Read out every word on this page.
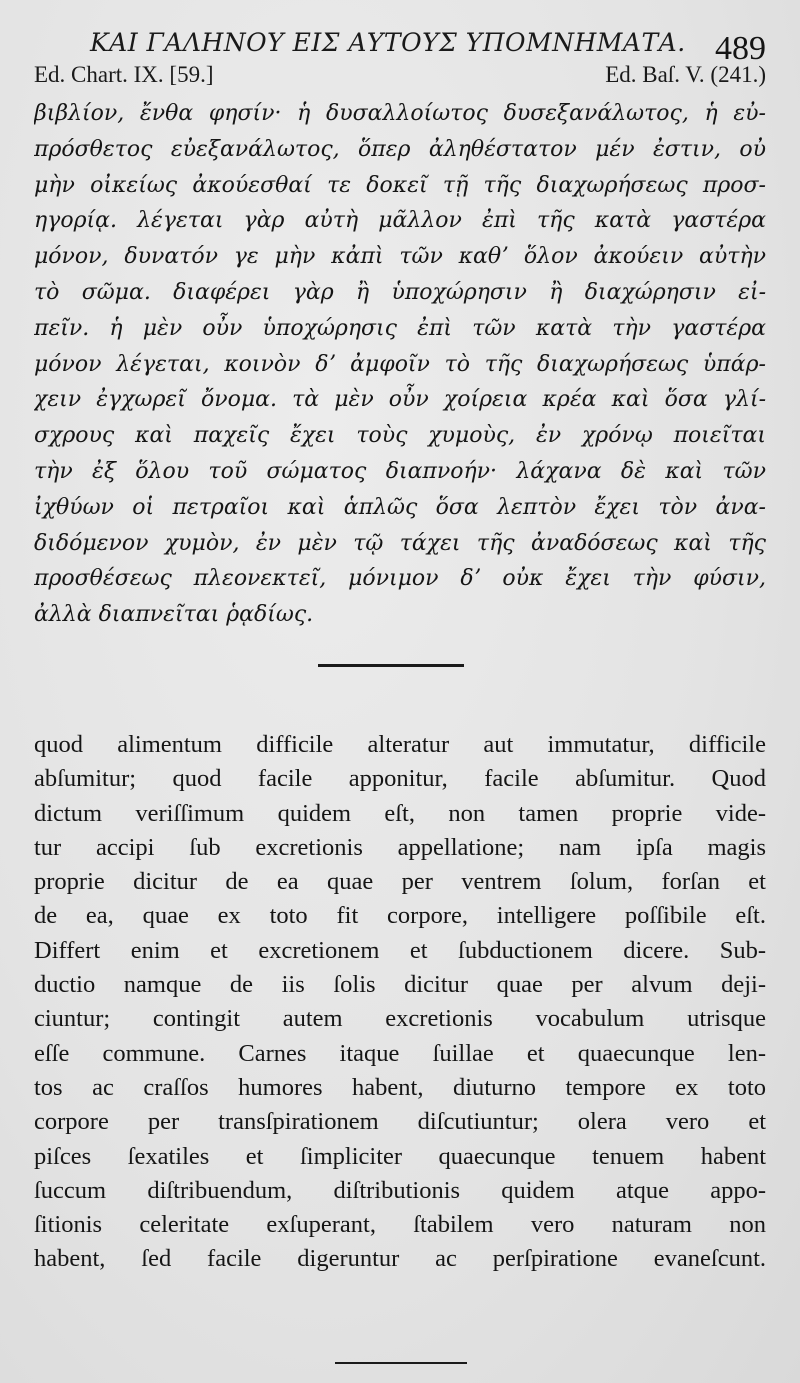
ΚΑΙ ΓΑΛΗΝΟΥ ΕΙΣ ΑΥΤΟΥΣ ΥΠΟΜΝΗΜΑΤΑ. 489
Ed. Chart. IX. [59.]	Ed. Baſ. V. (241.)
βιβλίον, ἔνθα φησίν· ἡ δυσαλλοίωτος δυσεξανάλωτος, ἡ εὐ-
πρόσθετος εὐεξανάλωτος, ὅπερ ἀληθέστατον μέν ἐστιν, οὐ
μὴν οἰκείως ἀκούεσθαί τε δοκεῖ τῇ τῆς διαχωρήσεως προσ-
ηγορίᾳ. λέγεται γὰρ αὐτὴ μᾶλλον ἐπὶ τῆς κατὰ γαστέρα
μόνον, δυνατόν γε μὴν κἀπὶ τῶν καθʼ ὅλον ἀκούειν αὐτὴν
τὸ σῶμα. διαφέρει γὰρ ἢ ὑποχώρησιν ἢ διαχώρησιν εἰ-
πεῖν. ἡ μὲν οὖν ὑποχώρησις ἐπὶ τῶν κατὰ τὴν γαστέρα
μόνον λέγεται, κοινὸν δʼ ἀμφοῖν τὸ τῆς διαχωρήσεως ὑπάρ-
χειν ἐγχωρεῖ ὄνομα. τὰ μὲν οὖν χοίρεια κρέα καὶ ὅσα γλί-
σχρους καὶ παχεῖς ἔχει τοὺς χυμοὺς, ἐν χρόνῳ ποιεῖται
τὴν ἐξ ὅλου τοῦ σώματος διαπνοήν· λάχανα δὲ καὶ τῶν
ἰχθύων οἱ πετραῖοι καὶ ἁπλῶς ὅσα λεπτὸν ἔχει τὸν ἀνα-
διδόμενον χυμὸν, ἐν μὲν τῷ τάχει τῆς ἀναδόσεως καὶ τῆς
προσθέσεως πλεονεκτεῖ, μόνιμον δʼ οὐκ ἔχει τὴν φύσιν,
ἀλλὰ διαπνεῖται ῥᾳδίως.
quod alimentum difficile alteratur aut immutatur, difficile
abſumitur; quod facile apponitur, facile abſumitur. Quod
dictum veriſſimum quidem eſt, non tamen proprie vide-
tur accipi ſub excretionis appellatione; nam ipſa magis
proprie dicitur de ea quae per ventrem ſolum, forſan et
de ea, quae ex toto fit corpore, intelligere poſſibile eſt.
Differt enim et excretionem et ſubductionem dicere. Sub-
ductio namque de iis ſolis dicitur quae per alvum deji-
ciuntur; contingit autem excretionis vocabulum utrisque
eſſe commune. Carnes itaque ſuillae et quaecunque len-
tos ac craſſos humores habent, diuturno tempore ex toto
corpore per transſpirationem diſcutiuntur; olera vero et
piſces ſexatiles et ſimpliciter quaecunque tenuem habent
ſuccum diſtribuendum, diſtributionis quidem atque appo-
ſitionis celeritate exſuperant, ſtabilem vero naturam non
habent, ſed facile digeruntur ac perſpiratione evaneſcunt.
